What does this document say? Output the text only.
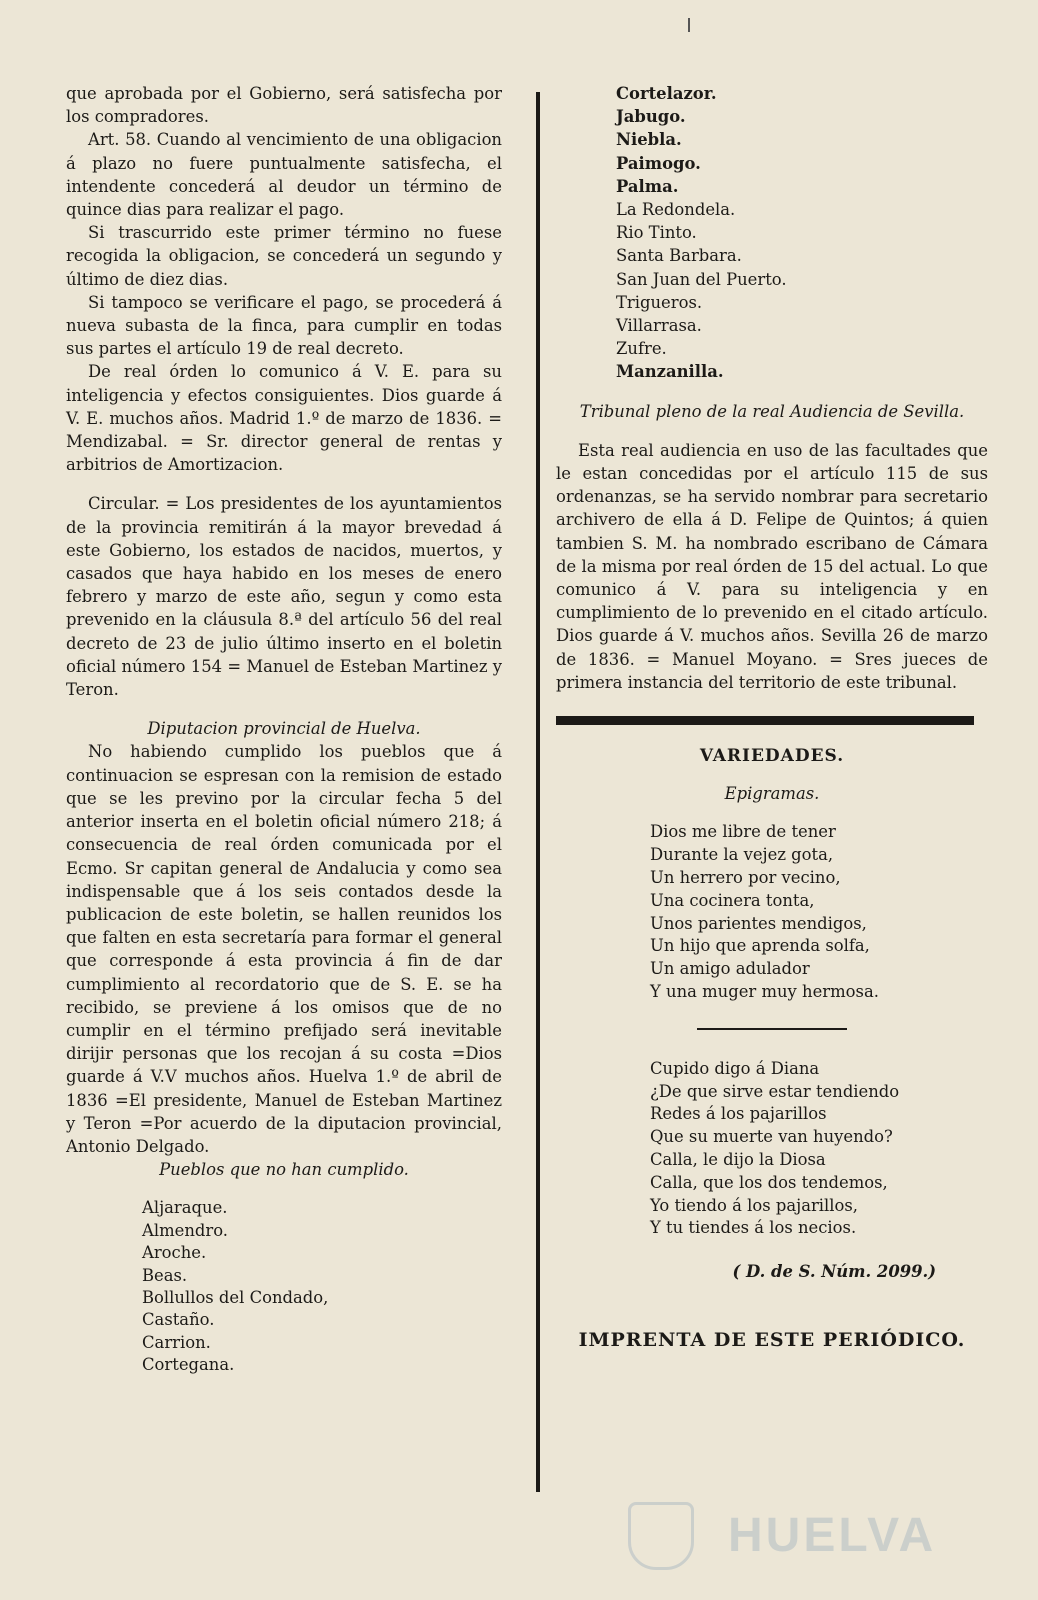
que aprobada por el Gobierno, será satisfecha por los compradores.

Art. 58. Cuando al vencimiento de una obligacion á plazo no fuere puntualmente satisfecha, el intendente concederá al deudor un término de quince dias para realizar el pago.

Si trascurrido este primer término no fuese recogida la obligacion, se concederá un segundo y último de diez dias.

Si tampoco se verificare el pago, se procederá á nueva subasta de la finca, para cumplir en todas sus partes el artículo 19 de real decreto.

De real órden lo comunico á V. E. para su inteligencia y efectos consiguientes. Dios guarde á V. E. muchos años. Madrid 1.º de marzo de 1836. = Mendizabal. = Sr. director general de rentas y arbitrios de Amortizacion.

Circular. = Los presidentes de los ayuntamientos de la provincia remitirán á la mayor brevedad á este Gobierno, los estados de nacidos, muertos, y casados que haya habido en los meses de enero febrero y marzo de este año, segun y como esta prevenido en la cláusula 8.ª del artículo 56 del real decreto de 23 de julio último inserto en el boletin oficial número 154 = Manuel de Esteban Martinez y Teron.

Diputacion provincial de Huelva.

No habiendo cumplido los pueblos que á continuacion se espresan con la remision de estado que se les previno por la circular fecha 5 del anterior inserta en el boletin oficial número 218; á consecuencia de real órden comunicada por el Ecmo. Sr capitan general de Andalucia y como sea indispensable que á los seis contados desde la publicacion de este boletin, se hallen reunidos los que falten en esta secretaría para formar el general que corresponde á esta provincia á fin de dar cumplimiento al recordatorio que de S. E. se ha recibido, se previene á los omisos que de no cumplir en el término prefijado será inevitable dirijir personas que los recojan á su costa =Dios guarde á V.V muchos años. Huelva 1.º de abril de 1836 =El presidente, Manuel de Esteban Martinez y Teron =Por acuerdo de la diputacion provincial, Antonio Delgado.

Pueblos que no han cumplido.

Aljaraque.
Almendro.
Aroche.
Beas.
Bollullos del Condado,
Castaño.
Carrion.
Cortegana.
Cortelazor.
Jabugo.
Niebla.
Paimogo.
Palma.
La Redondela.
Rio Tinto.
Santa Barbara.
San Juan del Puerto.
Trigueros.
Villarrasa.
Zufre.
Manzanilla.

Tribunal pleno de la real Audiencia de Sevilla.

Esta real audiencia en uso de las facultades que le estan concedidas por el artículo 115 de sus ordenanzas, se ha servido nombrar para secretario archivero de ella á D. Felipe de Quintos; á quien tambien S. M. ha nombrado escribano de Cámara de la misma por real órden de 15 del actual. Lo que comunico á V. para su inteligencia y en cumplimiento de lo prevenido en el citado artículo. Dios guarde á V. muchos años. Sevilla 26 de marzo de 1836. = Manuel Moyano. = Sres jueces de primera instancia del territorio de este tribunal.

VARIEDADES.
Epigramas.
Dios me libre de tener
Durante la vejez gota,
Un herrero por vecino,
Una cocinera tonta,
Unos parientes mendigos,
Un hijo que aprenda solfa,
Un amigo adulador
Y una muger muy hermosa.
Cupido digo á Diana
¿De que sirve estar tendiendo
Redes á los pajarillos
Que su muerte van huyendo?
Calla, le dijo la Diosa
Calla, que los dos tendemos,
Yo tiendo á los pajarillos,
Y tu tiendes á los necios.
( D. de S. Núm. 2099.)
IMPRENTA DE ESTE PERIÓDICO.
HUELVA
